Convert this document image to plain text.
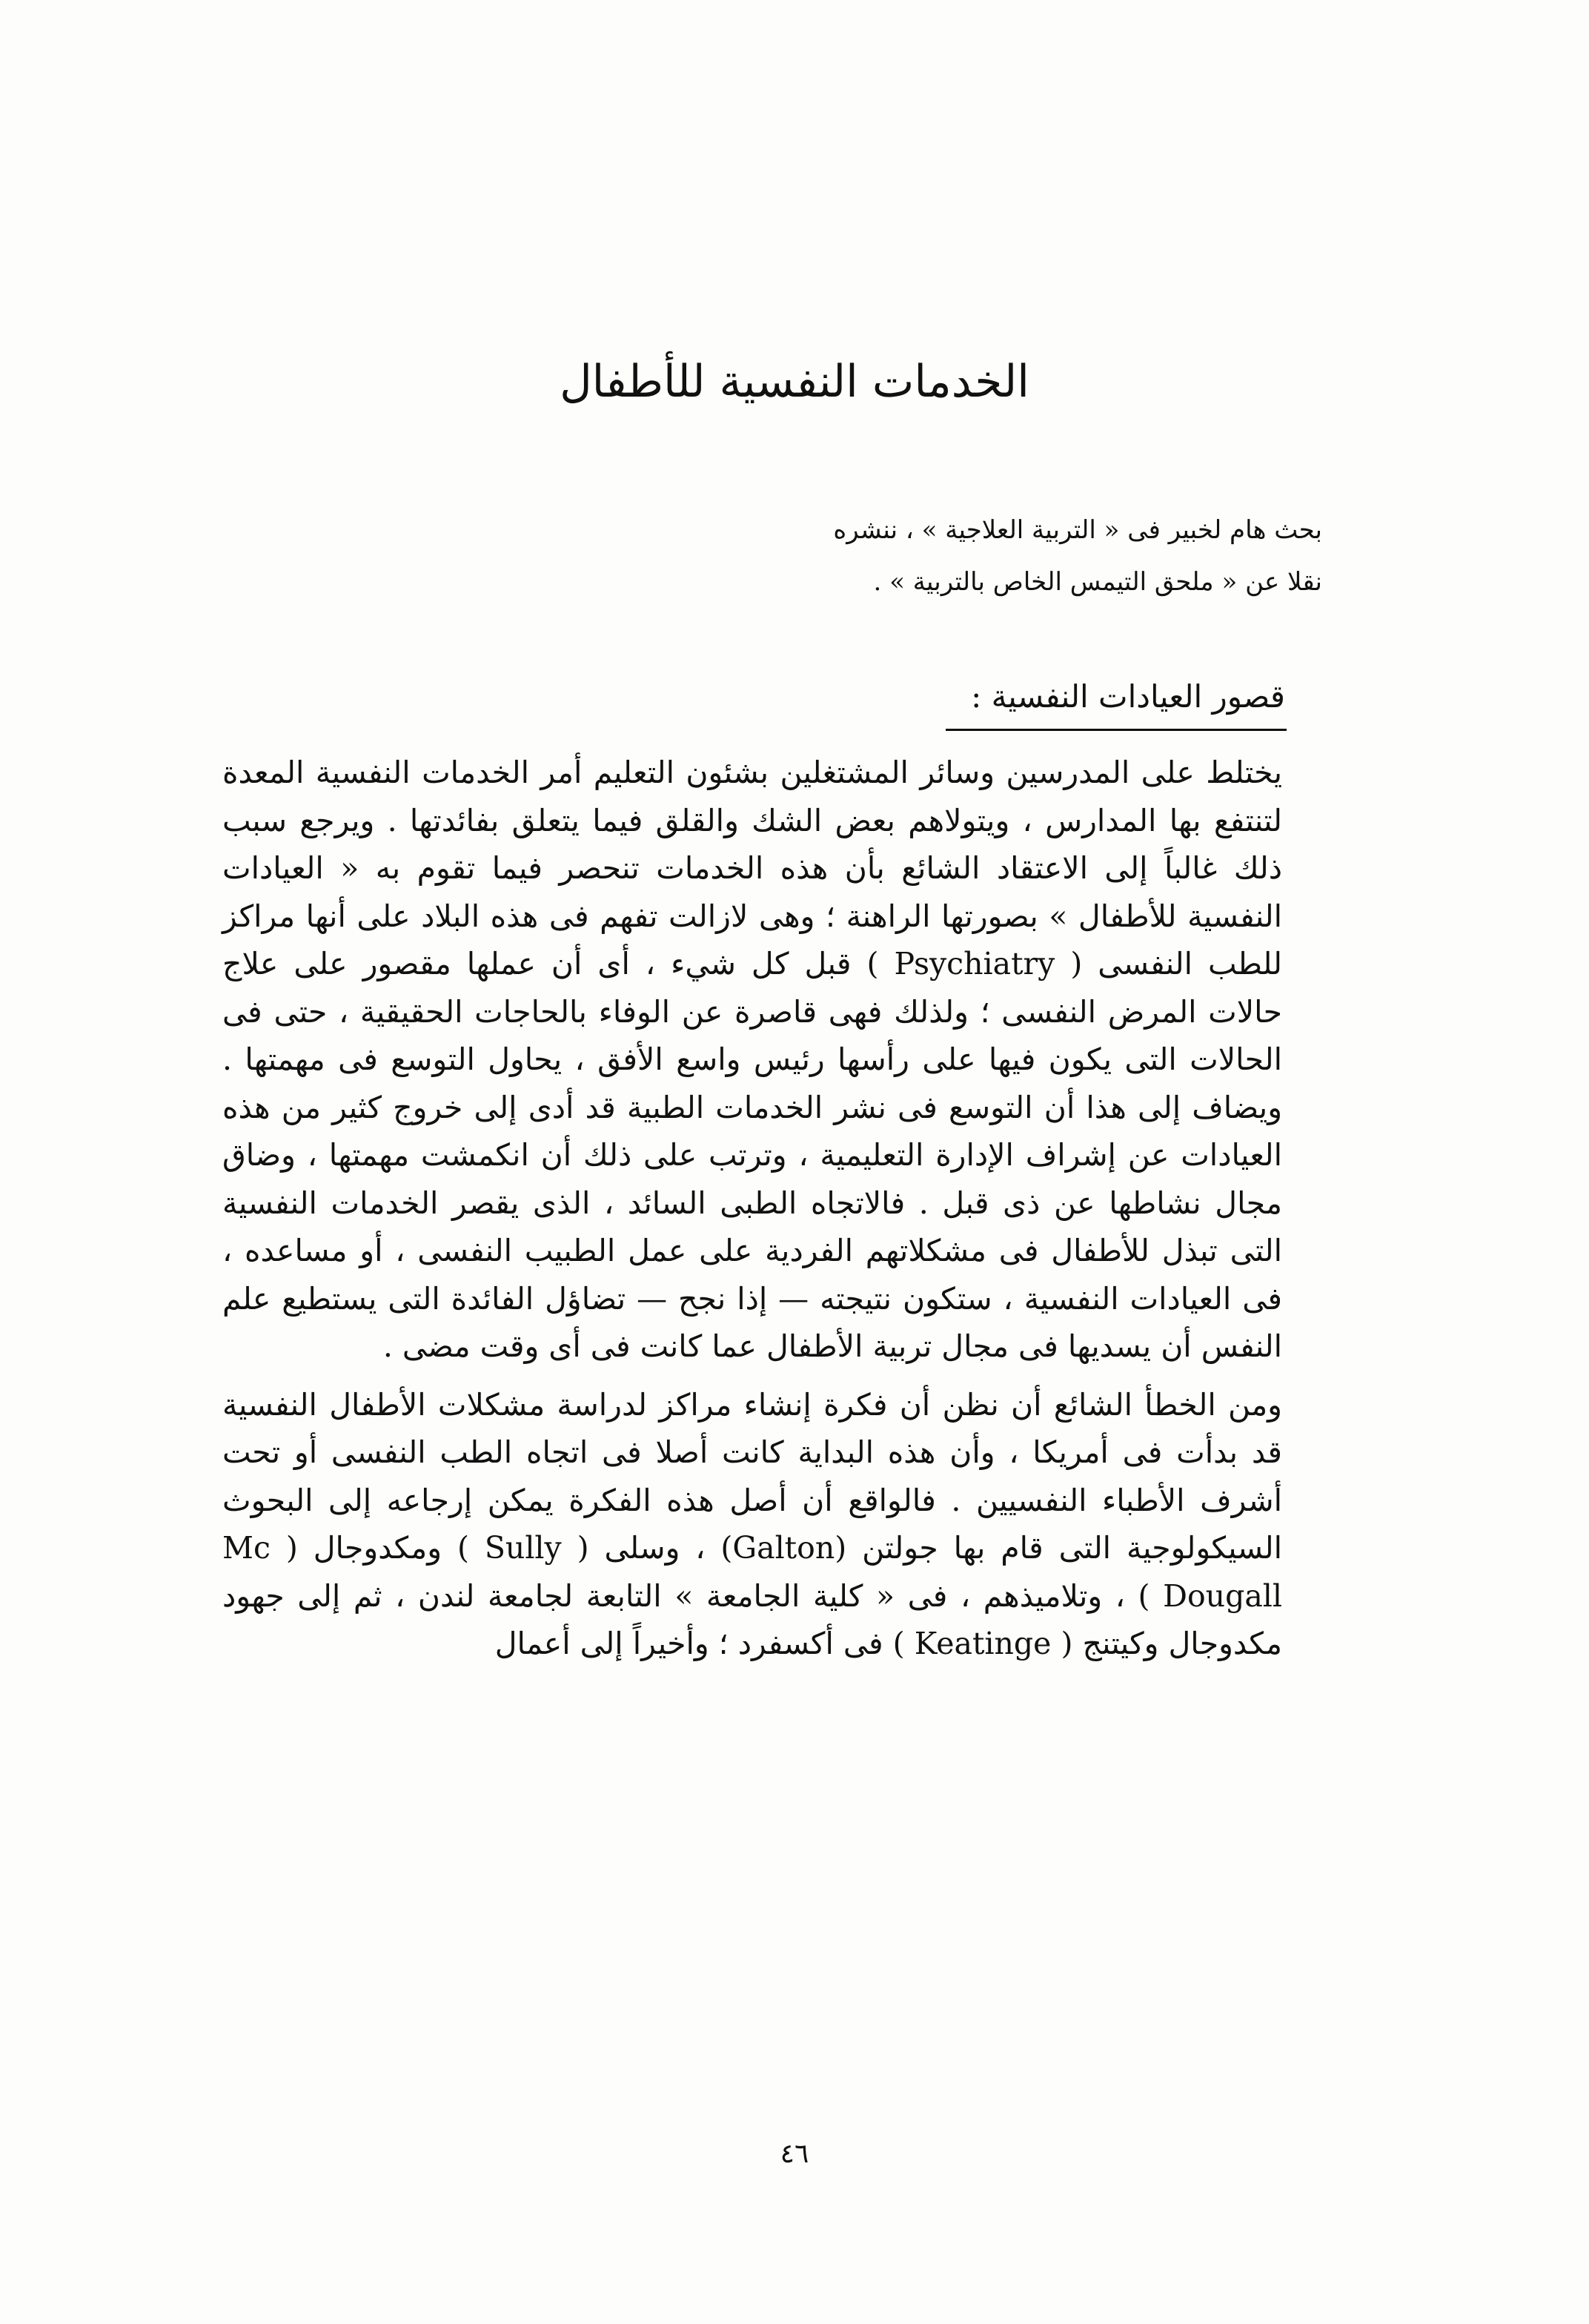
الخدمات النفسية للأطفال
بحث هام لخبير فى « التربية العلاجية » ، ننشره
نقلا عن « ملحق التيمس الخاص بالتربية » .
قصور العيادات النفسية :

يختلط على المدرسين وسائر المشتغلين بشئون التعليم أمر الخدمات النفسية المعدة لتنتفع بها المدارس ، ويتولاهم بعض الشك والقلق فيما يتعلق بفائدتها . ويرجع سبب ذلك غالباً إلى الاعتقاد الشائع بأن هذه الخدمات تنحصر فيما تقوم به « العيادات النفسية للأطفال » بصورتها الراهنة ؛ وهى لازالت تفهم فى هذه البلاد على أنها مراكز للطب النفسى ( Psychiatry ) قبل كل شيء ، أى أن عملها مقصور على علاج حالات المرض النفسى ؛ ولذلك فهى قاصرة عن الوفاء بالحاجات الحقيقية ، حتى فى الحالات التى يكون فيها على رأسها رئيس واسع الأفق ، يحاول التوسع فى مهمتها . ويضاف إلى هذا أن التوسع فى نشر الخدمات الطبية قد أدى إلى خروج كثير من هذه العيادات عن إشراف الإدارة التعليمية ، وترتب على ذلك أن انكمشت مهمتها ، وضاق مجال نشاطها عن ذى قبل . فالاتجاه الطبى السائد ، الذى يقصر الخدمات النفسية التى تبذل للأطفال فى مشكلاتهم الفردية على عمل الطبيب النفسى ، أو مساعده ، فى العيادات النفسية ، ستكون نتيجته — إذا نجح — تضاؤل الفائدة التى يستطيع علم النفس أن يسديها فى مجال تربية الأطفال عما كانت فى أى وقت مضى .

ومن الخطأ الشائع أن نظن أن فكرة إنشاء مراكز لدراسة مشكلات الأطفال النفسية قد بدأت فى أمريكا ، وأن هذه البداية كانت أصلا فى اتجاه الطب النفسى أو تحت أشرف الأطباء النفسيين . فالواقع أن أصل هذه الفكرة يمكن إرجاعه إلى البحوث السيكولوجية التى قام بها جولتن (Galton) ، وسلى ( Sully ) ومكدوجال ( Mc Dougall ) ، وتلاميذهم ، فى « كلية الجامعة » التابعة لجامعة لندن ، ثم إلى جهود مكدوجال وكيتنج ( Keatinge ) فى أكسفرد ؛ وأخيراً إلى أعمال

٤٦
